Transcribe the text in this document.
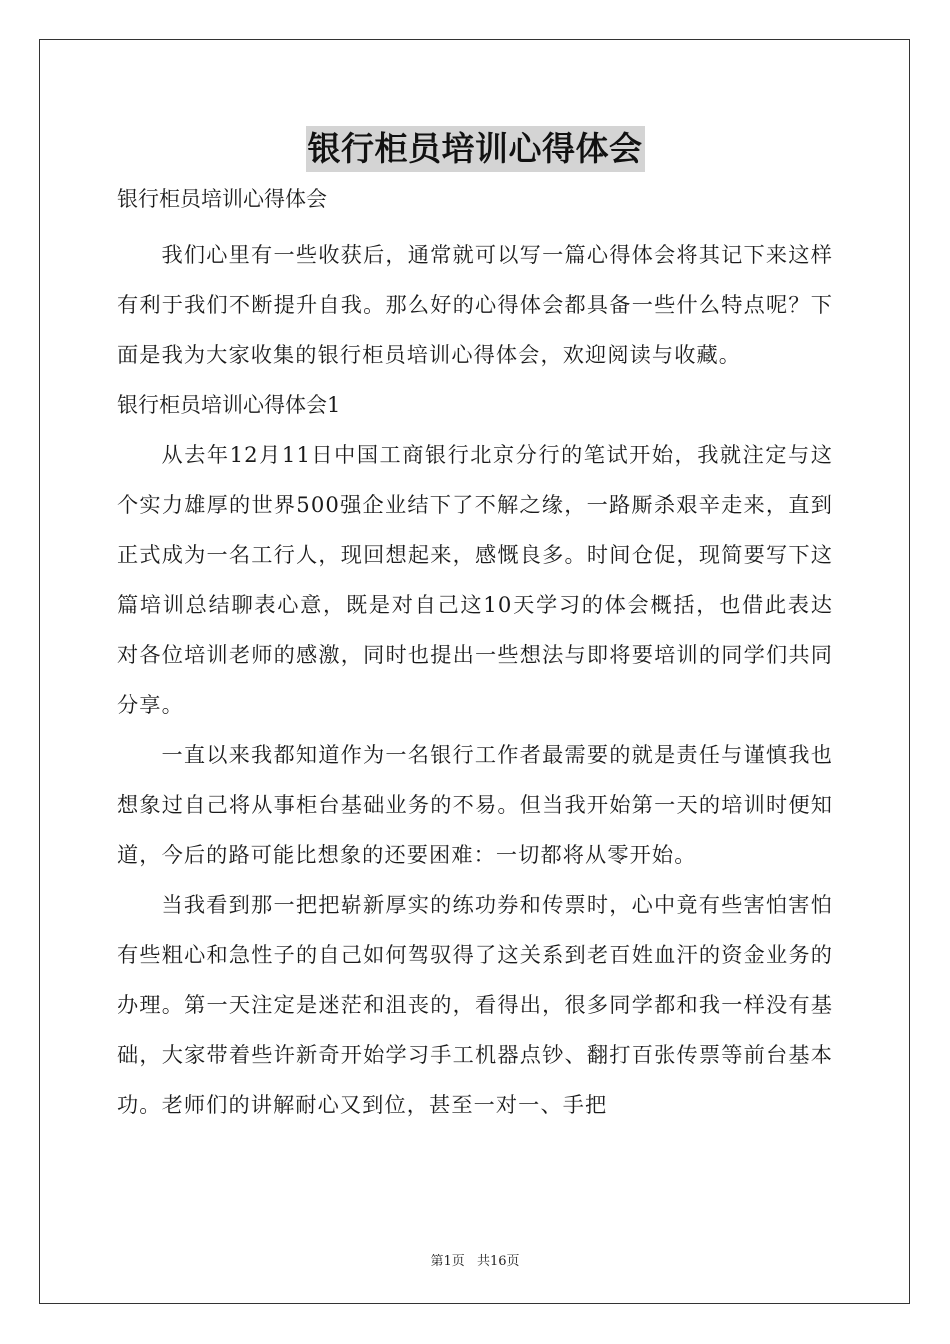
银行柜员培训心得体会

银行柜员培训心得体会

我们心里有一些收获后，通常就可以写一篇心得体会将其记下来这样有利于我们不断提升自我。那么好的心得体会都具备一些什么特点呢？下面是我为大家收集的银行柜员培训心得体会，欢迎阅读与收藏。

银行柜员培训心得体会1

从去年12月11日中国工商银行北京分行的笔试开始，我就注定与这个实力雄厚的世界500强企业结下了不解之缘，一路厮杀艰辛走来，直到正式成为一名工行人，现回想起来，感慨良多。时间仓促，现简要写下这篇培训总结聊表心意，既是对自己这10天学习的体会概括，也借此表达对各位培训老师的感激，同时也提出一些想法与即将要培训的同学们共同分享。

一直以来我都知道作为一名银行工作者最需要的就是责任与谨慎我也想象过自己将从事柜台基础业务的不易。但当我开始第一天的培训时便知道，今后的路可能比想象的还要困难：一切都将从零开始。

当我看到那一把把崭新厚实的练功券和传票时，心中竟有些害怕害怕有些粗心和急性子的自己如何驾驭得了这关系到老百姓血汗的资金业务的办理。第一天注定是迷茫和沮丧的，看得出，很多同学都和我一样没有基础，大家带着些许新奇开始学习手工机器点钞、翻打百张传票等前台基本功。老师们的讲解耐心又到位，甚至一对一、手把

第1页 共16页
